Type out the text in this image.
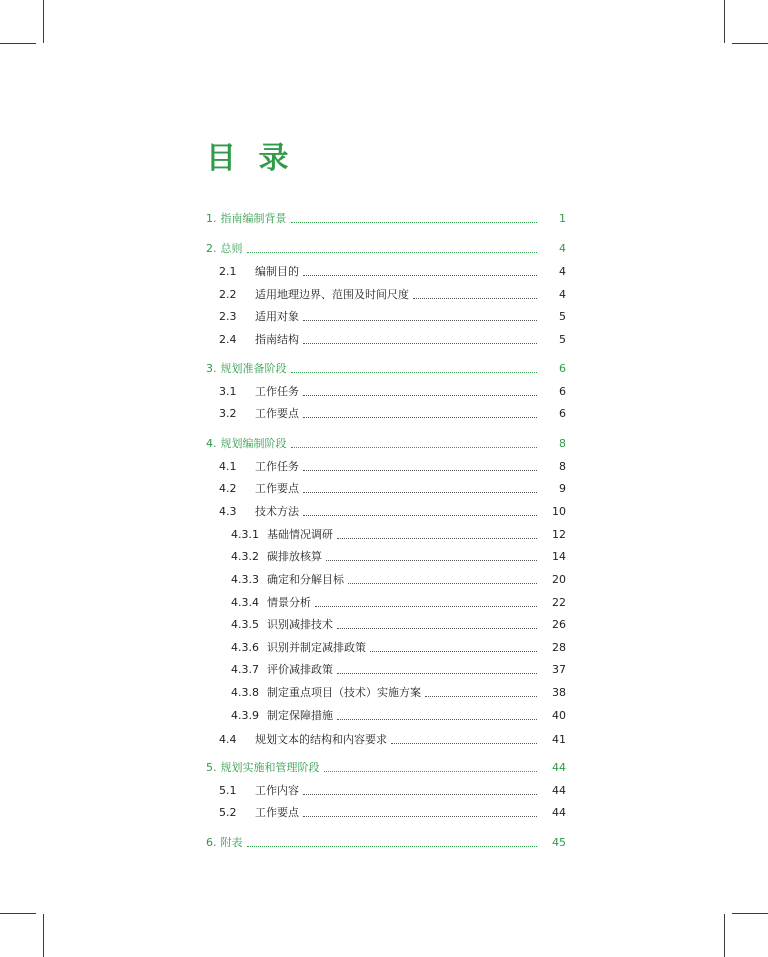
目 录
1. 指南编制背景	1
2. 总则	4
2.1	编制目的	4
2.2	适用地理边界、范围及时间尺度	4
2.3	适用对象	5
2.4	指南结构	5
3. 规划准备阶段	6
3.1	工作任务	6
3.2	工作要点	6
4. 规划编制阶段	8
4.1	工作任务	8
4.2	工作要点	9
4.3	技术方法	10
4.3.1 基础情况调研	12
4.3.2 碳排放核算	14
4.3.3 确定和分解目标	20
4.3.4 情景分析	22
4.3.5 识别减排技术	26
4.3.6 识别并制定减排政策	28
4.3.7 评价减排政策	37
4.3.8 制定重点项目（技术）实施方案	38
4.3.9 制定保障措施	40
4.4	规划文本的结构和内容要求	41
5. 规划实施和管理阶段	44
5.1	工作内容	44
5.2	工作要点	44
6. 附表	45
